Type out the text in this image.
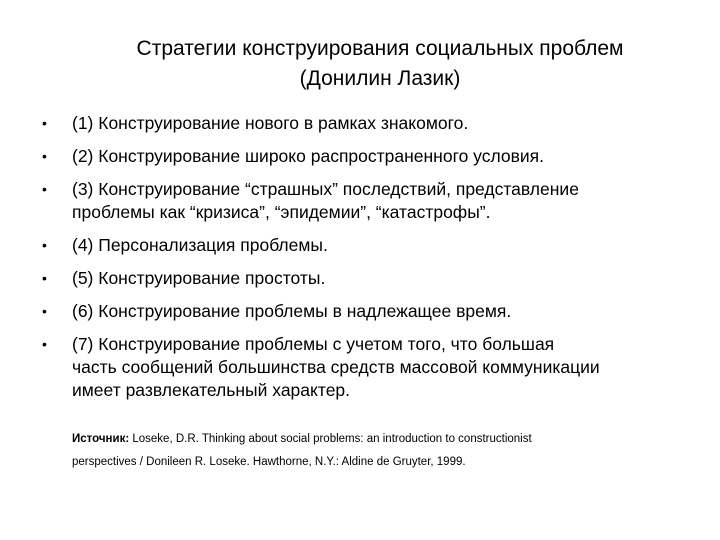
Стратегии конструирования социальных проблем
(Донилин Лазик)
• (1) Конструирование нового в рамках знакомого.
• (2) Конструирование широко распространенного условия.
• (3) Конструирование “страшных” последствий, представление
проблемы как “кризиса”, “эпидемии”, “катастрофы”.
• (4) Персонализация проблемы.
• (5) Конструирование простоты.
• (6) Конструирование проблемы в надлежащее время.
• (7) Конструирование проблемы с учетом того, что большая
часть сообщений большинства средств массовой коммуникации
имеет развлекательный характер.
Источник: Loseke, D.R. Thinking about social problems: an introduction to constructionist
perspectives / Donileen R. Loseke. Hawthorne, N.Y.: Aldine de Gruyter, 1999.
